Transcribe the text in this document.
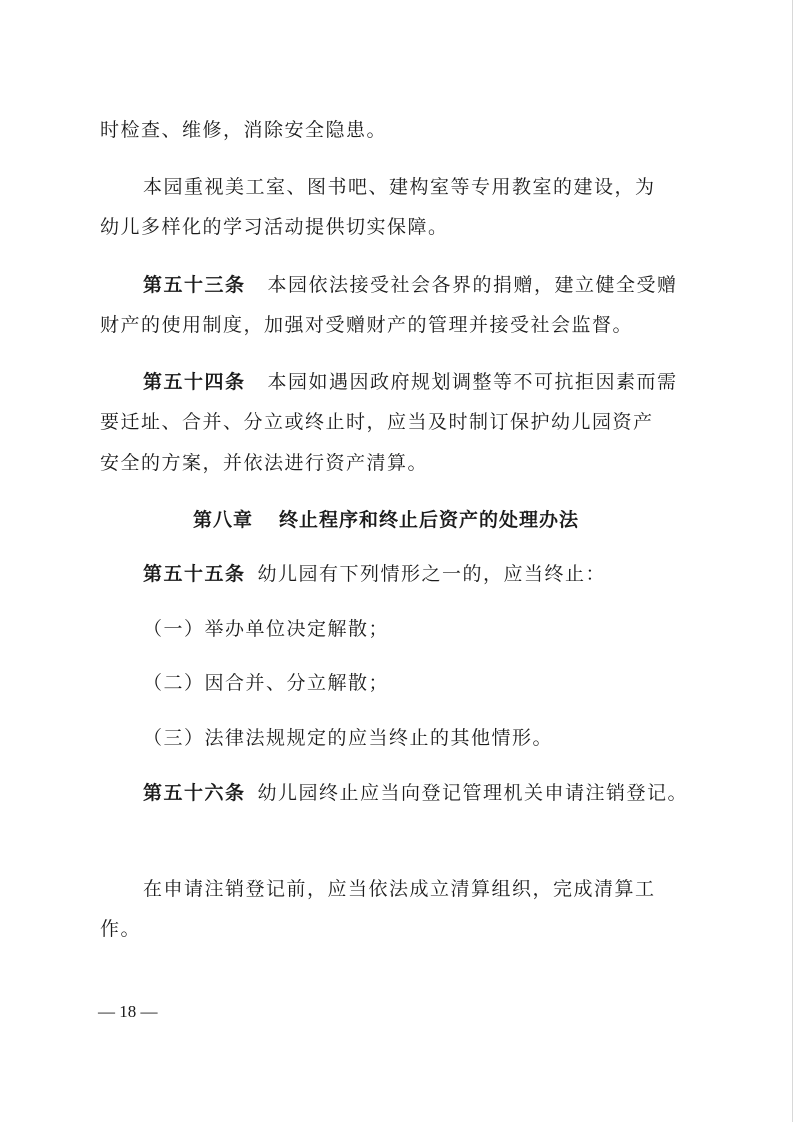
时检查、维修，消除安全隐患。
本园重视美工室、图书吧、建构室等专用教室的建设，为
幼儿多样化的学习活动提供切实保障。
第五十三条 本园依法接受社会各界的捐赠，建立健全受赠
财产的使用制度，加强对受赠财产的管理并接受社会监督。
第五十四条 本园如遇因政府规划调整等不可抗拒因素而需
要迁址、合并、分立或终止时，应当及时制订保护幼儿园资产
安全的方案，并依法进行资产清算。
第八章 终止程序和终止后资产的处理办法
第五十五条 幼儿园有下列情形之一的，应当终止：
（一）举办单位决定解散；
（二）因合并、分立解散；
（三）法律法规规定的应当终止的其他情形。
第五十六条 幼儿园终止应当向登记管理机关申请注销登记。
在申请注销登记前，应当依法成立清算组织，完成清算工
作。
— 18 —
